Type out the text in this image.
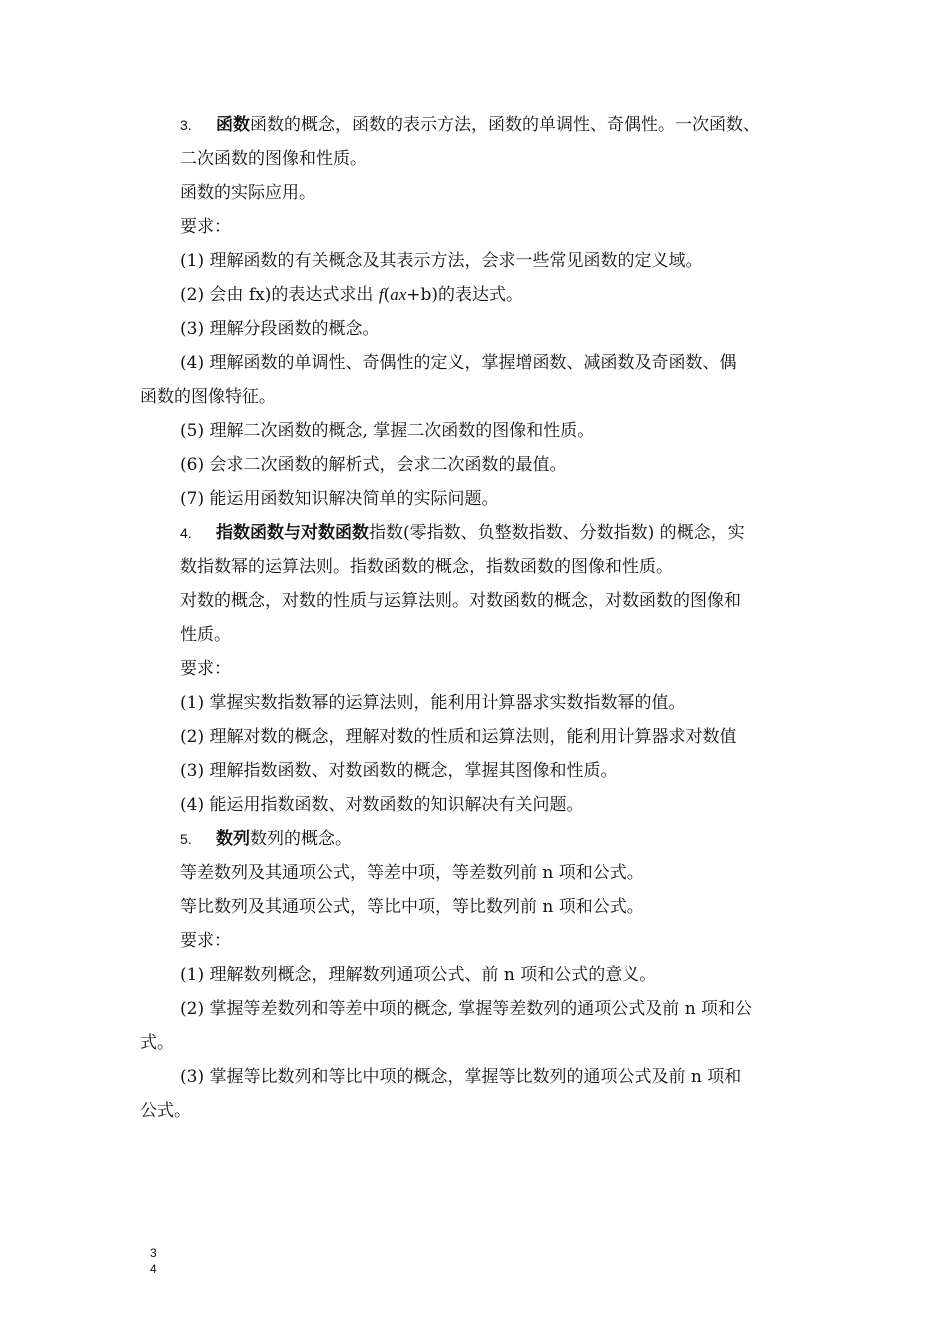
3. 函数函数的概念，函数的表示方法，函数的单调性、奇偶性。一次函数、
二次函数的图像和性质。
函数的实际应用。
要求：
(1) 理解函数的有关概念及其表示方法，会求一些常见函数的定义域。
(2) 会由 fx)的表达式求出 f(ax+b)的表达式。
(3) 理解分段函数的概念。
(4) 理解函数的单调性、奇偶性的定义，掌握增函数、减函数及奇函数、偶
函数的图像特征。
(5) 理解二次函数的概念, 掌握二次函数的图像和性质。
(6) 会求二次函数的解析式，会求二次函数的最值。
(7) 能运用函数知识解决简单的实际问题。
4. 指数函数与对数函数指数(零指数、负整数指数、分数指数) 的概念，实
数指数幂的运算法则。指数函数的概念，指数函数的图像和性质。
对数的概念，对数的性质与运算法则。对数函数的概念，对数函数的图像和
性质。
要求：
(1) 掌握实数指数幂的运算法则，能利用计算器求实数指数幂的值。
(2) 理解对数的概念，理解对数的性质和运算法则，能利用计算器求对数值
(3) 理解指数函数、对数函数的概念，掌握其图像和性质。
(4) 能运用指数函数、对数函数的知识解决有关问题。
5. 数列数列的概念。
等差数列及其通项公式，等差中项，等差数列前 n 项和公式。
等比数列及其通项公式，等比中项，等比数列前 n 项和公式。
要求：
(1) 理解数列概念，理解数列通项公式、前 n 项和公式的意义。
(2) 掌握等差数列和等差中项的概念, 掌握等差数列的通项公式及前 n 项和公
式。
(3) 掌握等比数列和等比中项的概念，掌握等比数列的通项公式及前 n 项和
公式。
3
4
